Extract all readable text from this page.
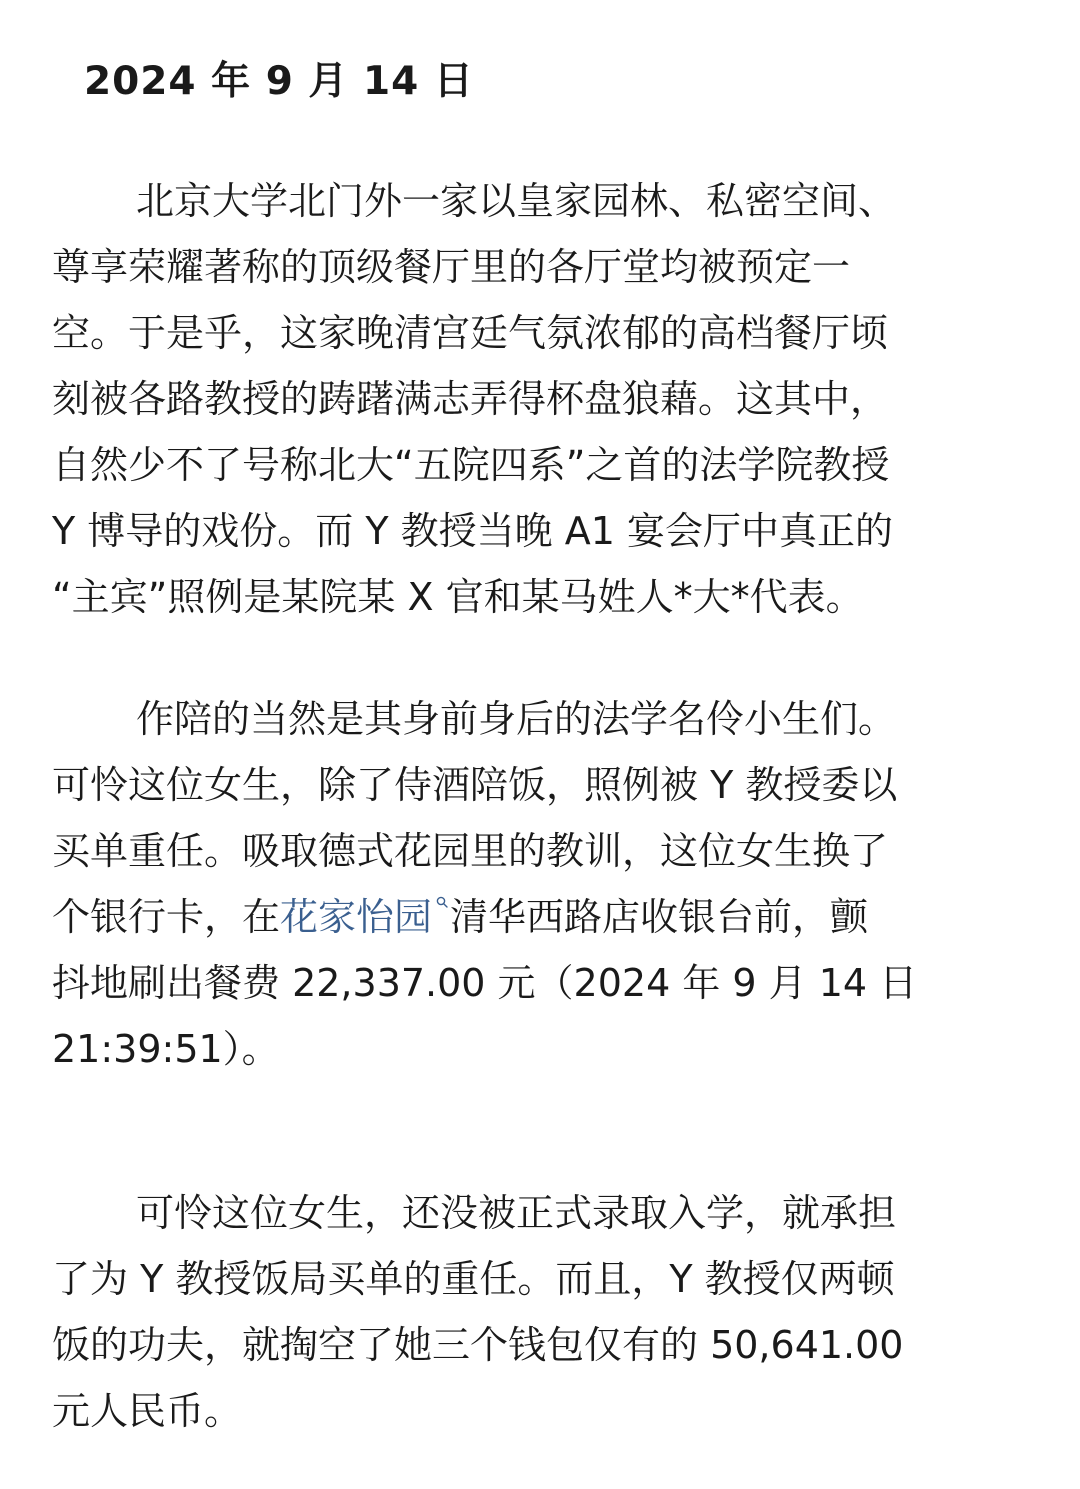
2024 年 9 月 14 日
北京大学北门外一家以皇家园林、私密空间、
尊享荣耀著称的顶级餐厅里的各厅堂均被预定一
空。于是乎，这家晚清宫廷气氛浓郁的高档餐厅顷
刻被各路教授的踌躇满志弄得杯盘狼藉。这其中，
自然少不了号称北大“五院四系”之首的法学院教授
Y 博导的戏份。而 Y 教授当晚 A1 宴会厅中真正的
“主宾”照例是某院某 X 官和某马姓人*大*代表。
作陪的当然是其身前身后的法学名伶小生们。
可怜这位女生，除了侍酒陪饭，照例被 Y 教授委以
买单重任。吸取德式花园里的教训，这位女生换了
个银行卡，在花家怡园 清华西路店收银台前，颤
抖地刷出餐费 22,337.00 元（2024 年 9 月 14 日
21:39:51）。
可怜这位女生，还没被正式录取入学，就承担
了为 Y 教授饭局买单的重任。而且，Y 教授仅两顿
饭的功夫，就掏空了她三个钱包仅有的 50,641.00
元人民币。
